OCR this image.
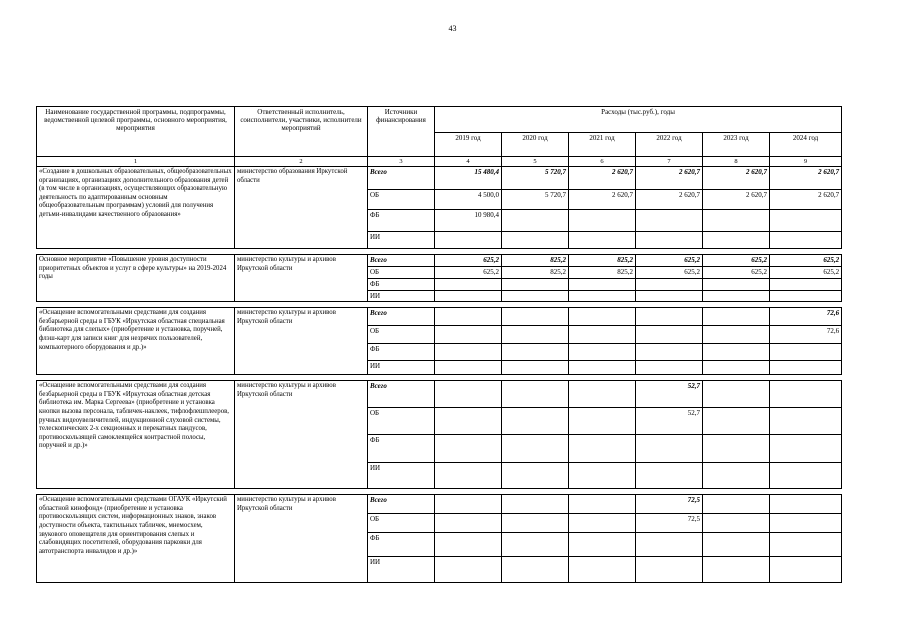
43
Наименование государственной программы, подпрограммы, ведомственной целевой программы, основного мероприятия, мероприятия	Ответственный исполнитель, соисполнители, участники, исполнители мероприятий	Источники финансирования	Расходы (тыс.руб.), годы					
			2019 год	2020 год	2021 год	2022 год	2023 год	2024 год
1	2	3	4	5	6	7	8	9
«Создание в дошкольных образовательных, общеобразовательных организациях, организациях дополнительного образования детей (в том числе в организациях, осуществляющих образовательную деятельность по адаптированным основным общеобразовательным программам) условий для получения детьми-инвалидами качественного образования»	министерство образования Иркутской области	Всего	15 480,4	5 720,7	2 620,7	2 620,7	2 620,7	2 620,7
		ОБ	4 500,0	5 720,7	2 620,7	2 620,7	2 620,7	2 620,7
		ФБ	10 980,4					
		ИИ						

Основное мероприятие «Повышение уровня доступности приоритетных объектов и услуг в сфере культуры» на 2019-2024 годы	министерство культуры и архивов Иркутской области	Всего	625,2	825,2	825,2	625,2	625,2	625,2
		ОБ	625,2	825,2	825,2	625,2	625,2	625,2
		ФБ						
		ИИ						

«Оснащение вспомогательными средствами для создания безбарьерной среды в ГБУК «Иркутская областная специальная библиотека для слепых» (приобретение и установка, поручней, флэш-карт для записи книг для незрячих пользователей, компьютерного оборудования и др.)»	министерство культуры и архивов Иркутской области	Всего						72,6
		ОБ						72,6
		ФБ						
		ИИ						

«Оснащение вспомогательными средствами для создания безбарьерной среды в ГБУК «Иркутская областная детская библиотека им. Марка Сергеева» (приобретение и установка кнопки вызова персонала, табличек-наклеек, тифлофлешплееров, ручных видеоувеличителей, индукционной слуховой системы, телескопических 2-х секционных и перекатных пандусов, противоскользящей самоклеящейся контрастной полосы, поручней и др.)»	министерство культуры и архивов Иркутской области	Всего				52,7		
		ОБ				52,7		
		ФБ						
		ИИ						

«Оснащение вспомогательными средствами ОГАУК «Иркутский областной кинофонд» (приобретение и установка противоскользящих систем, информационных знаков, знаков доступности объекта, тактильных табличек, мнемосхем, звукового оповещателя для ориентирования слепых и слабовидящих посетителей, оборудования парковки для автотранспорта инвалидов и др.)»	министерство культуры и архивов Иркутской области	Всего				72,5		
		ОБ				72,5		
		ФБ						
		ИИ						
